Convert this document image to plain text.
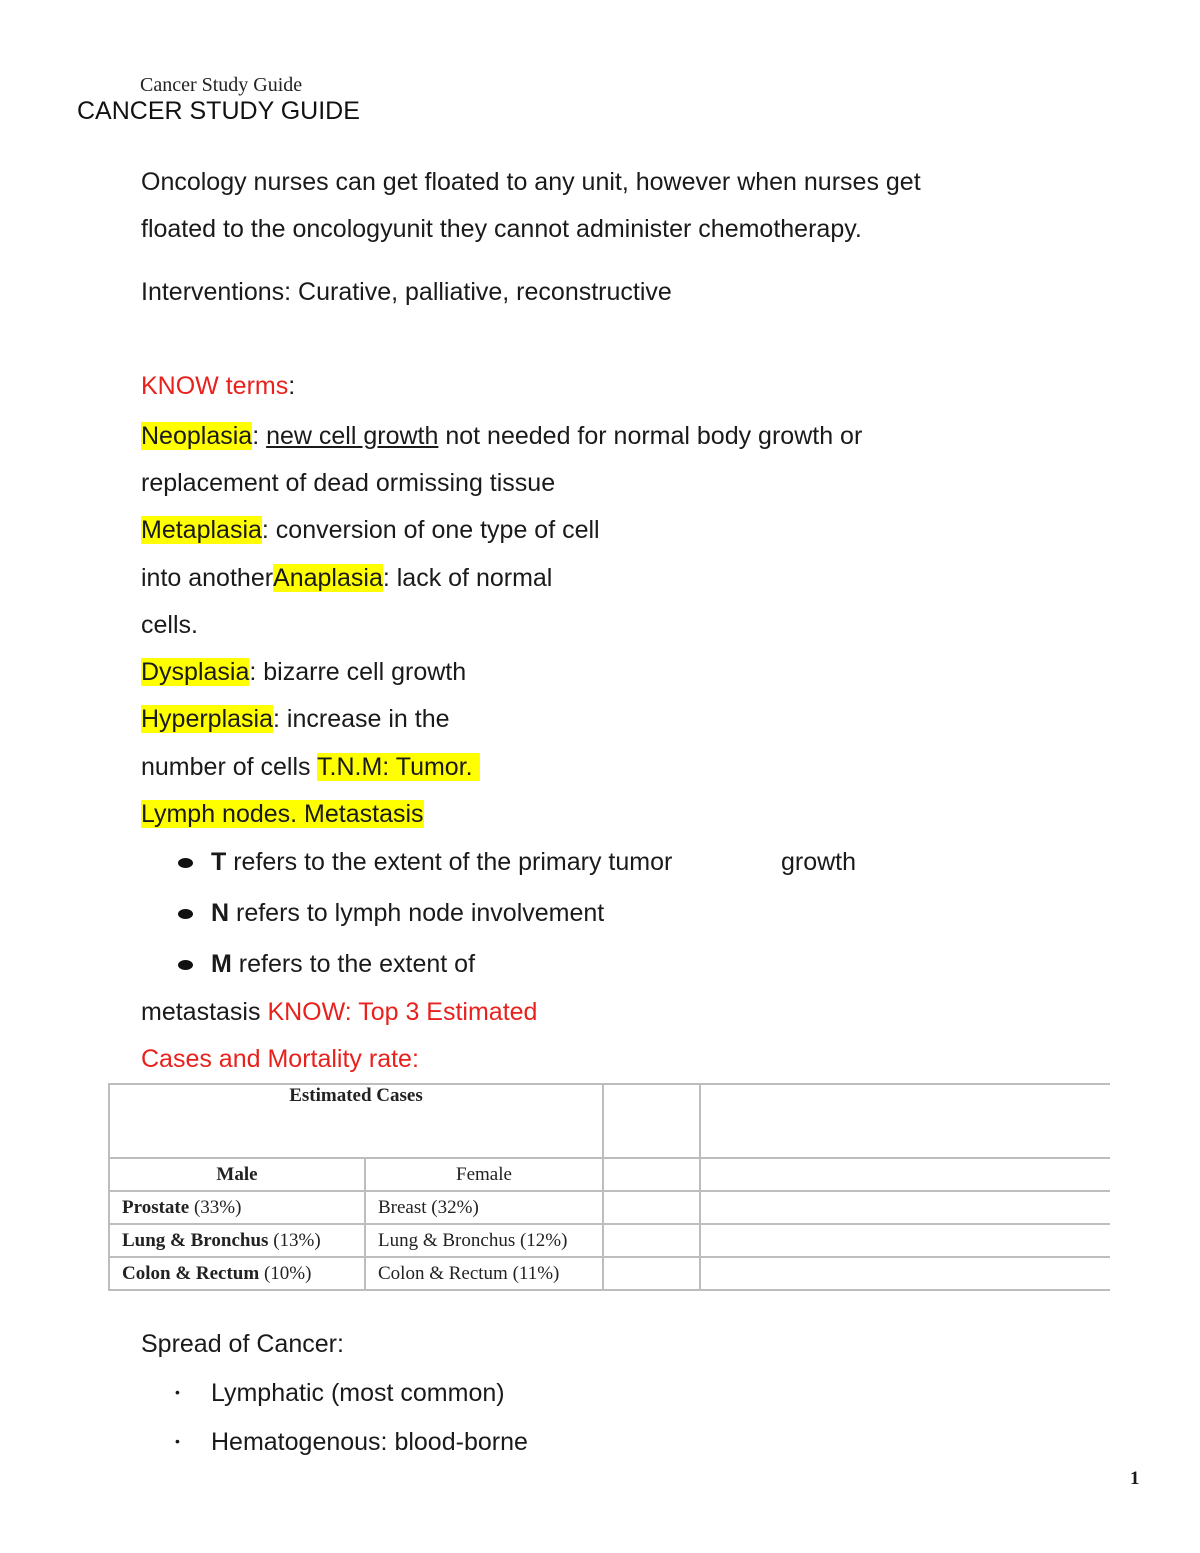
Cancer Study Guide
CANCER STUDY GUIDE
Oncology nurses can get floated to any unit, however when nurses get
floated to the oncologyunit they cannot administer chemotherapy.
Interventions: Curative, palliative, reconstructive
KNOW terms:
Neoplasia: new cell growth not needed for normal body growth or
replacement of dead ormissing tissue
Metaplasia: conversion of one type of cell
into anotherAnaplasia: lack of normal
cells.
Dysplasia: bizarre cell growth
Hyperplasia: increase in the
number of cells T.N.M: Tumor.
Lymph nodes. Metastasis
T refers to the extent of the primary tumor	growth
N refers to lymph node involvement
M refers to the extent of
metastasis KNOW: Top 3 Estimated
Cases and Mortality rate:
Estimated Cases			
Male	Female		
Prostate (33%)	Breast (32%)		
Lung & Bronchus (13%)	Lung & Bronchus (12%)		
Colon & Rectum (10%)	Colon & Rectum (11%)		
Spread of Cancer:
• Lymphatic (most common)
• Hematogenous: blood-borne
1
